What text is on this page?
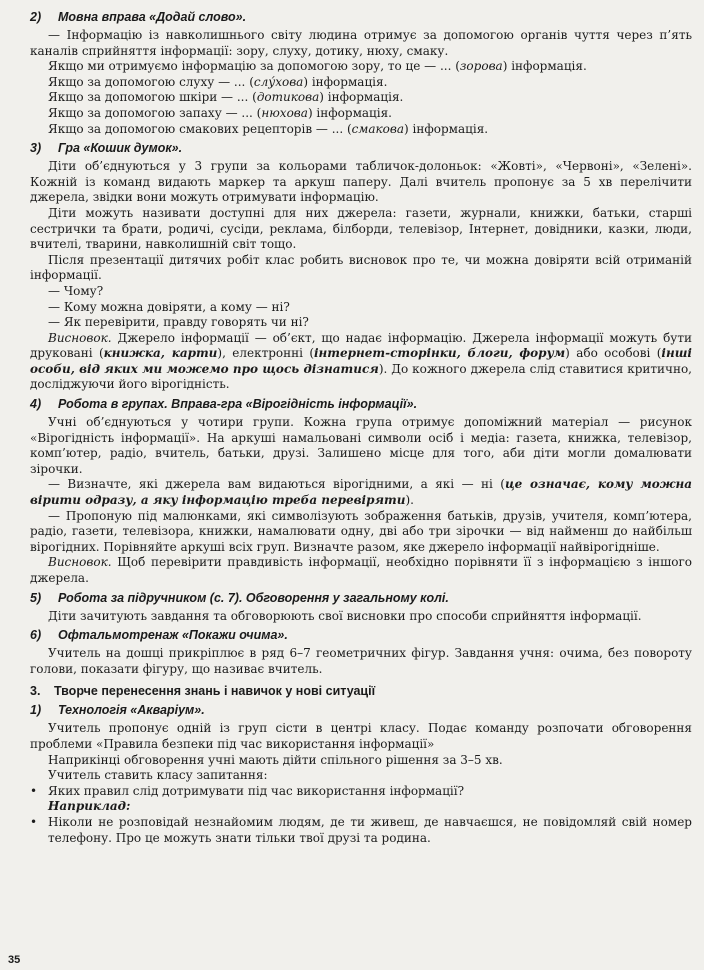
2) Мовна вправа «Додай слово».

— Інформацію із навколишнього світу людина отримує за допомогою органів чуття через п’ять каналів сприйняття інформації: зору, слуху, дотику, нюху, смаку.

Якщо ми отримуємо інформацію за допомогою зору, то це — ... (зорова) інформація.

Якщо за допомогою слуху — ... (слу́хова) інформація.

Якщо за допомогою шкіри — ... (дотикова) інформація.

Якщо за допомогою запаху — ... (нюхова) інформація.

Якщо за допомогою смакових рецепторів — ... (смакова) інформація.

3) Гра «Кошик думок».

Діти об’єднуються у 3 групи за кольорами табличок-долоньок: «Жовті», «Червоні», «Зелені». Кожній із команд видають маркер та аркуш паперу. Далі вчитель пропонує за 5 хв перелічити джерела, звідки вони можуть отримувати інформацію.

Діти можуть називати доступні для них джерела: газети, журнали, книжки, батьки, старші сестрички та брати, родичі, сусіди, реклама, білборди, телевізор, Інтернет, довідники, казки, люди, вчителі, тварини, навколишній світ тощо.

Після презентації дитячих робіт клас робить висновок про те, чи можна довіряти всій отриманій інформації.

— Чому?

— Кому можна довіряти, а кому — ні?

— Як перевірити, правду говорять чи ні?

Висновок. Джерело інформації — об’єкт, що надає інформацію. Джерела інформації можуть бути друковані (книжка, карти), електронні (інтернет-сторінки, блоги, форум) або особові (інші особи, від яких ми можемо про щось дізнатися). До кожного джерела слід ставитися критично, досліджуючи його вірогідність.

4) Робота в групах. Вправа-гра «Вірогідність інформації».

Учні об’єднуються у чотири групи. Кожна група отримує допоміжний матеріал — рисунок «Вірогідність інформації». На аркуші намальовані символи осіб і медіа: газета, книжка, телевізор, комп’ютер, радіо, вчитель, батьки, друзі. Залишено місце для того, аби діти могли домалювати зірочки.

— Визначте, які джерела вам видаються вірогідними, а які — ні (це означає, кому можна вірити одразу, а яку інформацію треба перевіряти).

— Пропоную під малюнками, які символізують зображення батьків, друзів, учителя, комп’ютера, радіо, газети, телевізора, книжки, намалювати одну, дві або три зірочки — від найменш до найбільш вірогідних. Порівняйте аркуші всіх груп. Визначте разом, яке джерело інформації найвірогідніше.

Висновок. Щоб перевірити правдивість інформації, необхідно порівняти її з інформацією з іншого джерела.

5) Робота за підручником (с. 7). Обговорення у загальному колі.

Діти зачитують завдання та обговорюють свої висновки про способи сприйняття інформації.

6) Офтальмотренаж «Покажи очима».

Учитель на дошці прикріплює в ряд 6–7 геометричних фігур. Завдання учня: очима, без повороту голови, показати фігуру, що називає вчитель.

3. Творче перенесення знань і навичок у нові ситуації
1) Технологія «Акваріум».

Учитель пропонує одній із груп сісти в центрі класу. Подає команду розпочати обговорення проблеми «Правила безпеки під час використання інформації»

Наприкінці обговорення учні мають дійти спільного рішення за 3–5 хв.

Учитель ставить класу запитання:

• Яких правил слід дотримувати під час використання інформації?

Наприклад:

• Ніколи не розповідай незнайомим людям, де ти живеш, де навчаєшся, не повідомляй свій номер телефону. Про це можуть знати тільки твої друзі та родина.

35
